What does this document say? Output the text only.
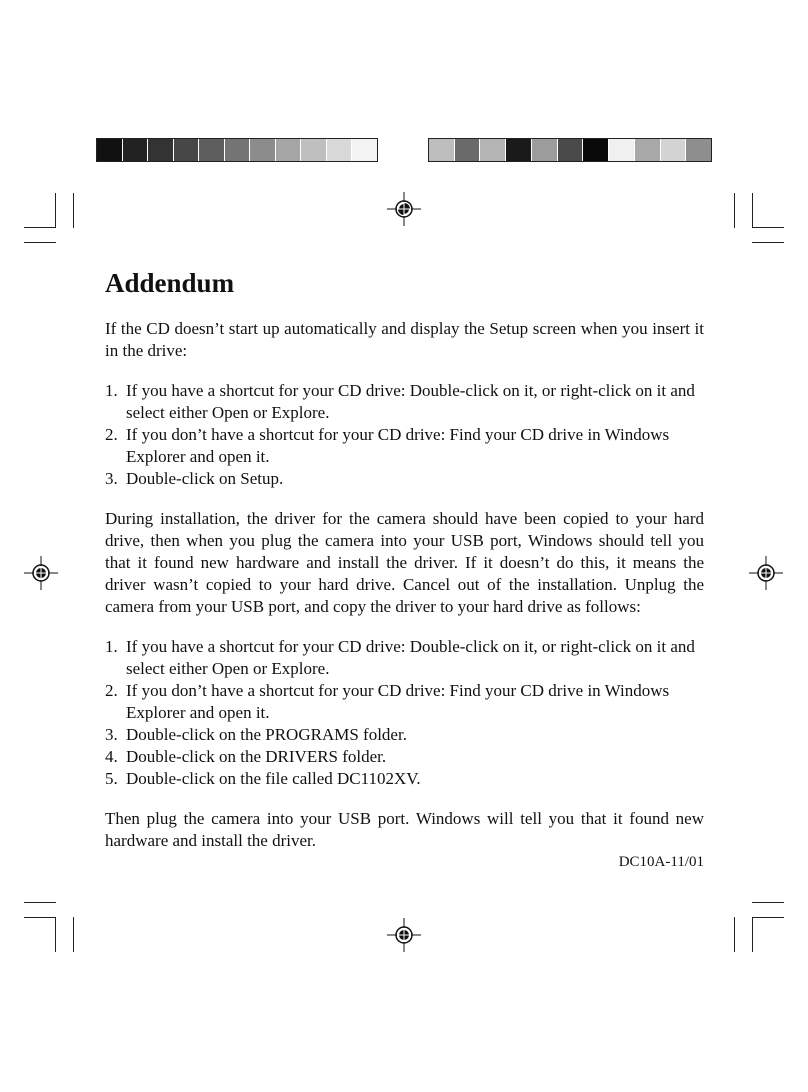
Addendum

If the CD doesn’t start up automatically and display the Setup screen when you insert it in the drive:

1. If you have a shortcut for your CD drive: Double-click on it, or right-click on it and select either Open or Explore.
2. If you don’t have a shortcut for your CD drive: Find your CD drive in Windows Explorer and open it.
3. Double-click on Setup.

During installation, the driver for the camera should have been copied to your hard drive, then when you plug the camera into your USB port, Windows should tell you that it found new hardware and install the driver. If it doesn’t do this, it means the driver wasn’t copied to your hard drive. Cancel out of the installation. Unplug the camera from your USB port, and copy the driver to your hard drive as follows:

1. If you have a shortcut for your CD drive: Double-click on it, or right-click on it and select either Open or Explore.
2. If you don’t have a shortcut for your CD drive: Find your CD drive in Windows Explorer and open it.
3. Double-click on the PROGRAMS folder.
4. Double-click on the DRIVERS folder.
5. Double-click on the file called DC1102XV.

Then plug the camera into your USB port. Windows will tell you that it found new hardware and install the driver.

DC10A-11/01
